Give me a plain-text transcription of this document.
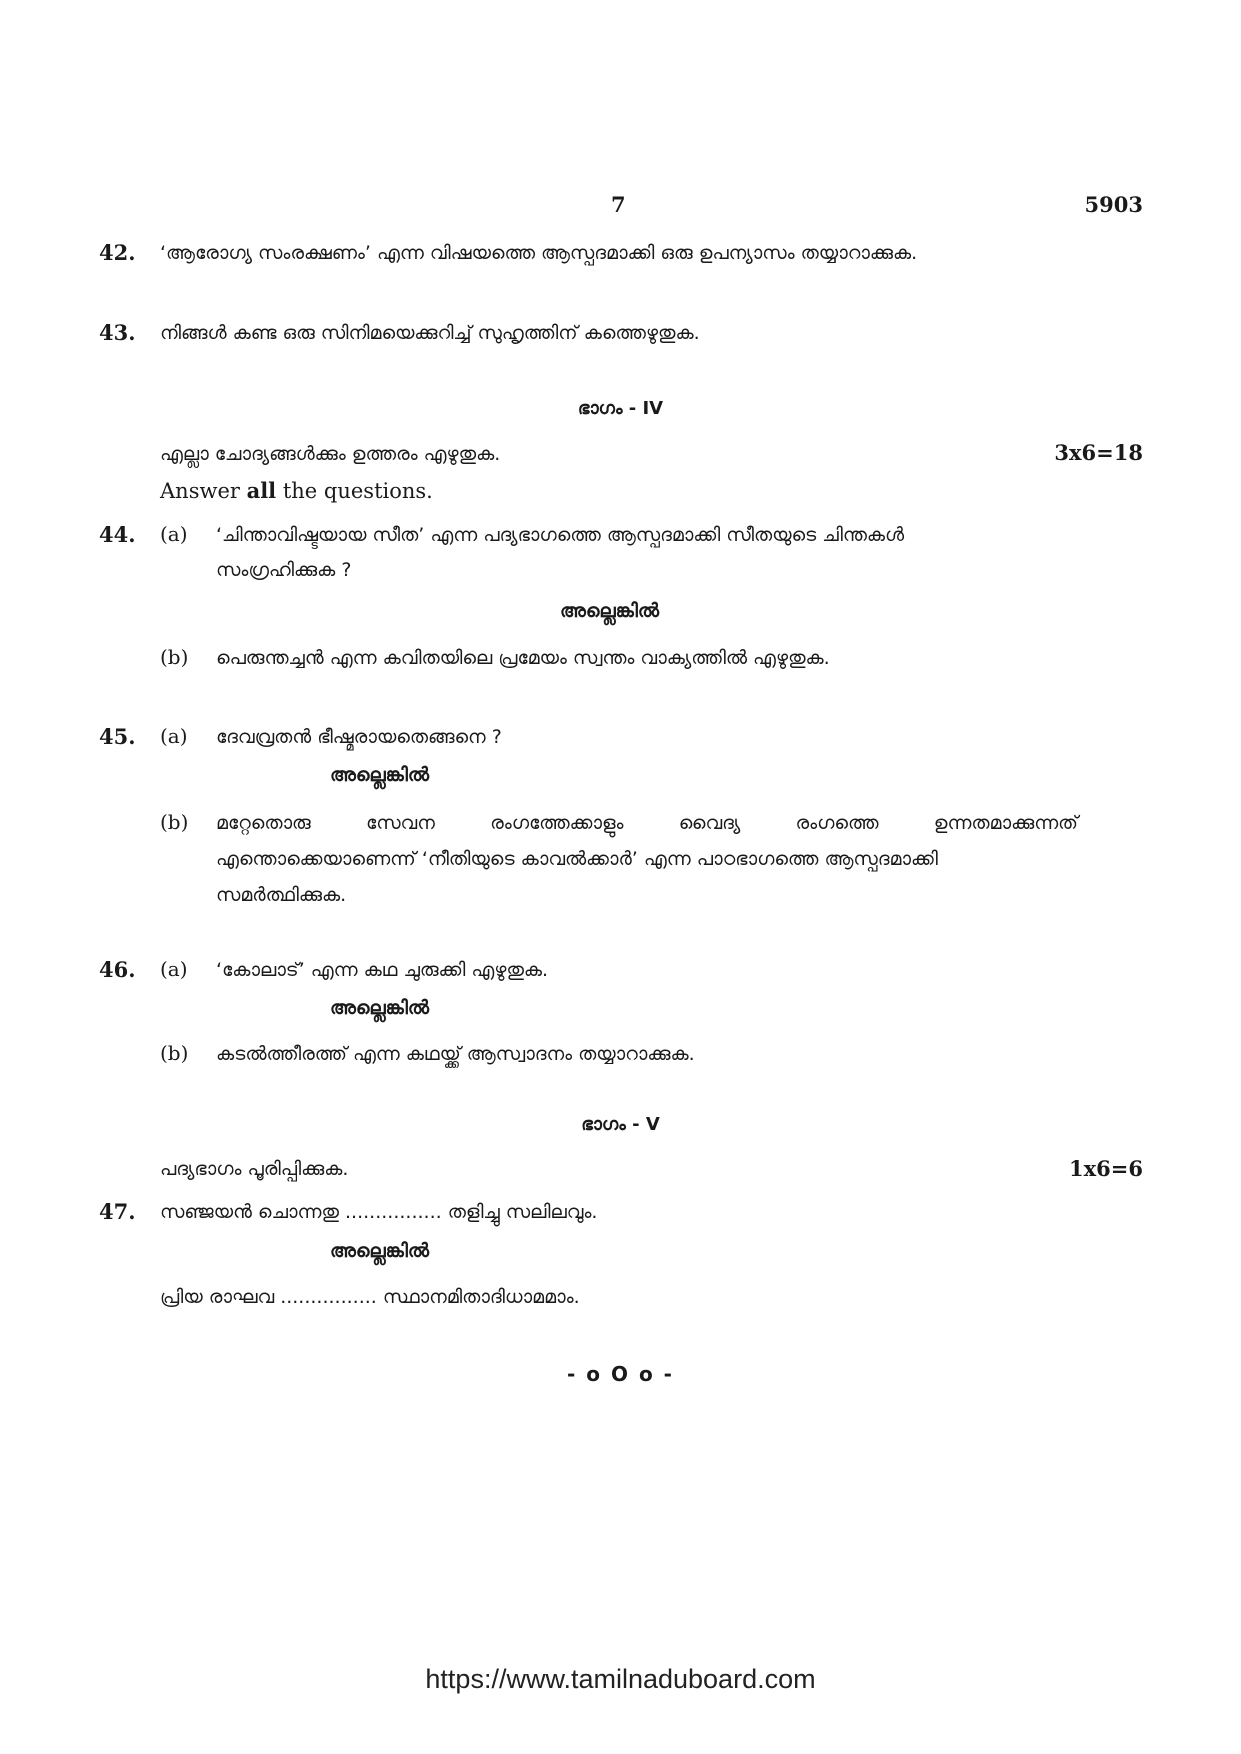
7	5903
42. ‘ആരോഗ്യ സംരക്ഷണം’ എന്ന വിഷയത്തെ ആസ്പദമാക്കി ഒരു ഉപന്യാസം തയ്യാറാക്കുക.
43. നിങ്ങൾ കണ്ട ഒരു സിനിമയെക്കുറിച്ച് സുഹൃത്തിന് കത്തെഴുതുക.
ഭാഗം - IV
എല്ലാ ചോദ്യങ്ങൾക്കും ഉത്തരം എഴുതുക.	3x6=18
Answer all the questions.
44. (a) ‘ചിന്താവിഷ്ടയായ സീത’ എന്ന പദ്യഭാഗത്തെ ആസ്പദമാക്കി സീതയുടെ ചിന്തകൾ
സംഗ്രഹിക്കുക ?
അല്ലെങ്കിൽ
(b) പെരുന്തച്ചൻ എന്ന കവിതയിലെ പ്രമേയം സ്വന്തം വാക്യത്തിൽ എഴുതുക.
45. (a) ദേവവ്രതൻ ഭീഷ്മരായതെങ്ങനെ ?
അല്ലെങ്കിൽ
(b) മറ്റേതൊരു സേവന രംഗത്തേക്കാളും വൈദ്യ രംഗത്തെ ഉന്നതമാക്കുന്നത്
എന്തൊക്കെയാണെന്ന് ‘നീതിയുടെ കാവൽക്കാർ’ എന്ന പാഠഭാഗത്തെ ആസ്പദമാക്കി
സമർത്ഥിക്കുക.
46. (a) ‘കോലാട്’ എന്ന കഥ ചുരുക്കി എഴുതുക.
അല്ലെങ്കിൽ
(b) കടൽത്തീരത്ത് എന്ന കഥയ്ക്ക് ആസ്വാദനം തയ്യാറാക്കുക.
ഭാഗം - V
പദ്യഭാഗം പൂരിപ്പിക്കുക.	1x6=6
47. സഞ്ജയൻ ചൊന്നതു ................ തളിച്ചു സലിലവും.
അല്ലെങ്കിൽ
പ്രിയ രാഘവ ................ സ്ഥാനമിതാദിധാമമാം.
- o O o -
https://www.tamilnaduboard.com
